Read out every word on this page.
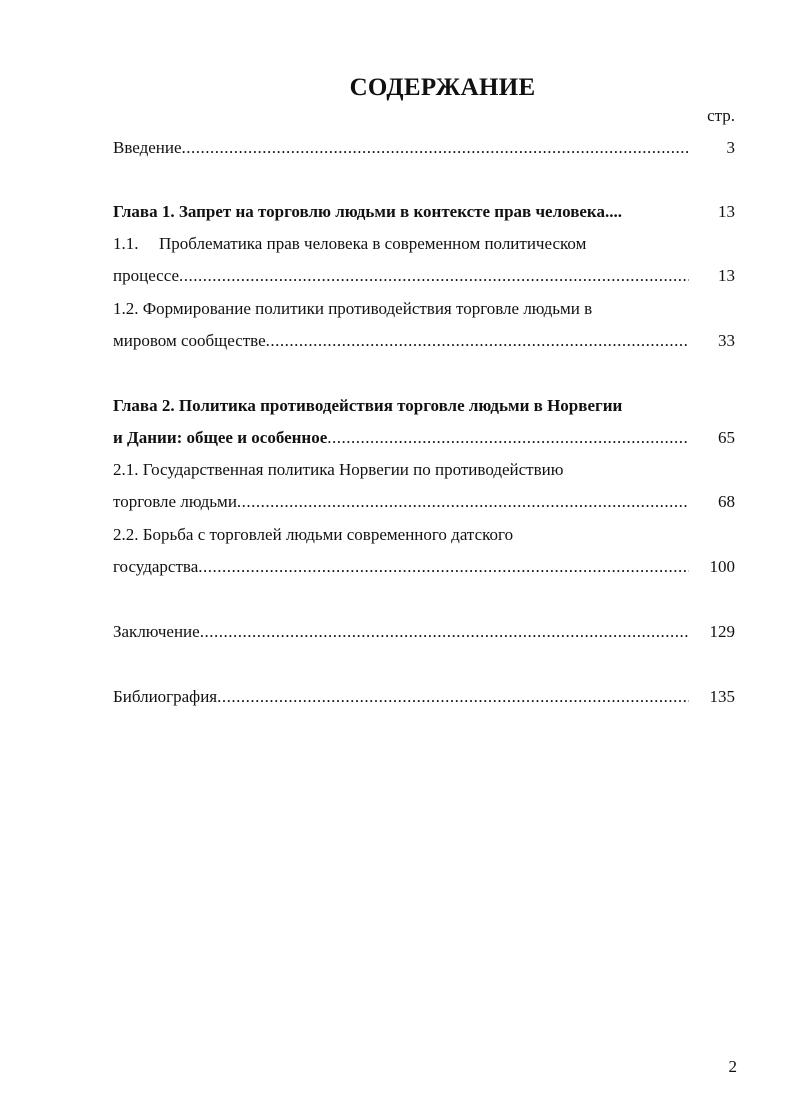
СОДЕРЖАНИЕ
стр.
Введение .....	3
Глава 1. Запрет на торговлю людьми в контексте прав человека....	13
1.1. Проблематика прав человека в современном политическом
процессе .....	13
1.2. Формирование политики противодействия торговле людьми в
мировом сообществе .....	33
Глава 2. Политика противодействия торговле людьми в Норвегии
и Дании: общее и особенное .....	65
2.1. Государственная политика Норвегии по противодействию
торговле людьми .....	68
2.2. Борьба с торговлей людьми современного датского
государства .....	100
Заключение .....	129
Библиография .....	135
2
